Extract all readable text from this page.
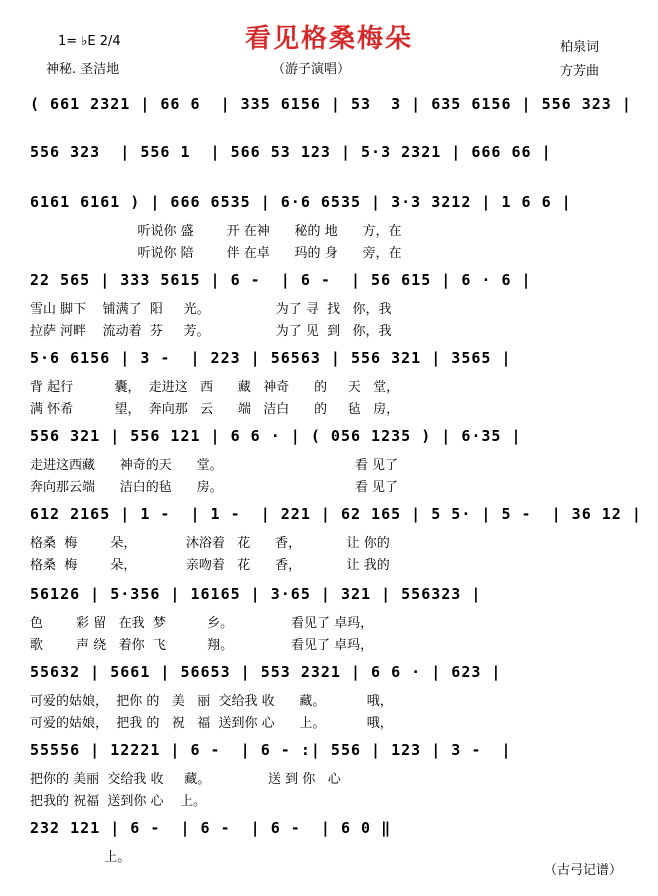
看见格桑梅朵
1= ♭E 2/4
神秘. 圣洁地	（游子演唱）
柏泉词
方芳曲
( 661 2321 | 66 6  | 335 6156 | 53  3 | 635 6156 | 556 323 |
556 323  | 556 1  | 566 53 123 | 5·3 2321 | 666 66 |
6161 6161 ) | 666 6535 | 6·6 6535 | 3·3 3212 | 1 6 6 |
听说你 盛        开 在神      秘的 地      方，在
听说你 陪        伴 在卓      玛的 身      旁，在
22 565 | 333 5615 | 6 -  | 6 -  | 56 615 | 6 · 6 |
雪山 脚下    铺满了  阳     光。                为了 寻  找   你，我
拉萨 河畔    流动着  芬     芳。                为了 见  到   你，我
5·6 6156 | 3 -  | 223 | 56563 | 556 321 | 3565 |
背 起行          囊，  走进这   西      藏   神奇      的     天   堂，
满 怀希          望，  奔向那   云      端   洁白      的     毡   房，
556 321 | 556 121 | 6 6 · | ( 056 1235 ) | 6·35 |
走进这西藏      神奇的天      堂。                                看 见了
奔向那云端      洁白的毡      房。                                看 见了
612 2165 | 1 -  | 1 -  | 221 | 62 165 | 5 5· | 5 -  | 36 12 |
格桑  梅        朵，            沐浴着   花      香，           让 你的
格桑  梅        朵，            亲吻着   花      香，           让 我的
56126 | 5·356 | 16165 | 3·65 | 321 | 556323 |
色        彩 留   在我  梦          乡。              看见了 卓玛，
歌        声 绕   着你  飞          翔。              看见了 卓玛，
55632 | 5661 | 56653 | 553 2321 | 6 6 · | 623 |
可爱的姑娘，  把你 的   美   丽  交给我 收      藏。          哦，
可爱的姑娘，  把我 的   祝   福  送到你 心      上。          哦，
55556 | 12221 | 6 -  | 6 - :| 556 | 123 | 3 -  |
把你的 美丽  交给我 收     藏。              送 到 你   心
把我的 祝福  送到你 心    上。
232 121 | 6 -  | 6 -  | 6 -  | 6 0 ‖
上。
（古弓记谱）
